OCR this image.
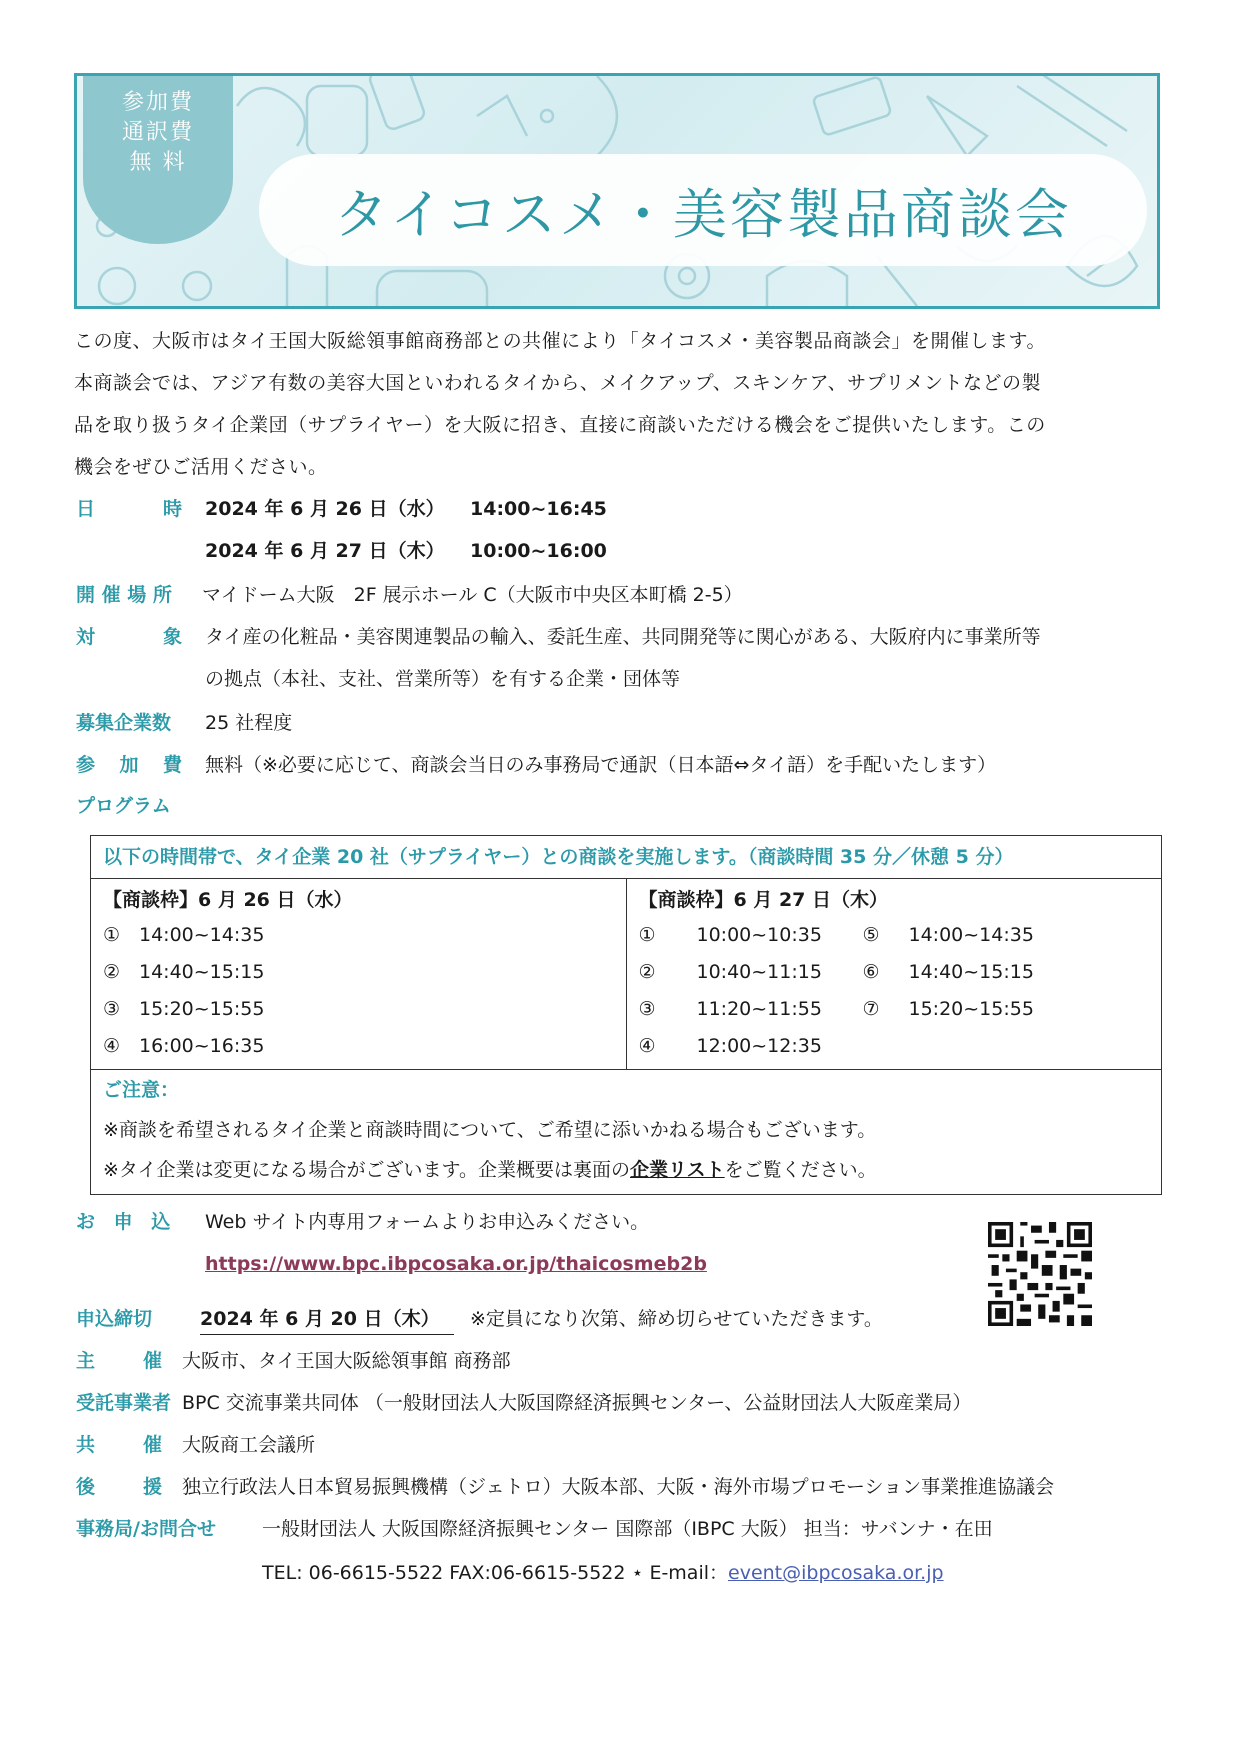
参加費
通訳費
無 料
タイコスメ・美容製品商談会
この度、大阪市はタイ王国大阪総領事館商務部との共催により「タイコスメ・美容製品商談会」を開催します。
本商談会では、アジア有数の美容大国といわれるタイから、メイクアップ、スキンケア、サプリメントなどの製
品を取り扱うタイ企業団（サプライヤー）を大阪に招き、直接に商談いただける機会をご提供いたします。この
機会をぜひご活用ください。
日	時 2024 年 6 月 26 日（水） 14:00~16:45
2024 年 6 月 27 日（木） 10:00~16:00
開 催 場 所 マイドーム大阪　2F 展示ホール C（大阪市中央区本町橋 2-5）
対	象 タイ産の化粧品・美容関連製品の輸入、委託生産、共同開発等に関心がある、大阪府内に事業所等
の拠点（本社、支社、営業所等）を有する企業・団体等
募集企業数 25 社程度
参 加 費 無料（※必要に応じて、商談会当日のみ事務局で通訳（日本語⇔タイ語）を手配いたします）
プログラム
以下の時間帯で、タイ企業 20 社（サプライヤー）との商談を実施します。（商談時間 35 分／休憩 5 分）

【商談枠】6 月 26 日（水）
① 14:00~14:35
② 14:40~15:15
③ 15:20~15:55
④ 16:00~16:35

【商談枠】6 月 27 日（木）
①	10:00~10:35	⑤	14:00~14:35
②	10:40~11:15	⑥	14:40~15:15
③	11:20~11:55	⑦	15:20~15:55
④	12:00~12:35

ご注意：
※商談を希望されるタイ企業と商談時間について、ご希望に添いかねる場合もございます。
※タイ企業は変更になる場合がございます。企業概要は裏面の企業リストをご覧ください。
お 申 込 Web サイト内専用フォームよりお申込みください。
https://www.bpc.ibpcosaka.or.jp/thaicosmeb2b
申込締切	2024 年 6 月 20 日（木）	※定員になり次第、締め切らせていただきます。
主	催 大阪市、タイ王国大阪総領事館 商務部
受託事業者 BPC 交流事業共同体 （一般財団法人大阪国際経済振興センター、公益財団法人大阪産業局）
共	催 大阪商工会議所
後	援 独立行政法人日本貿易振興機構（ジェトロ）大阪本部、大阪・海外市場プロモーション事業推進協議会
事務局/お問合せ 一般財団法人 大阪国際経済振興センター 国際部（IBPC 大阪） 担当：サバンナ・在田
TEL: 06-6615-5522 FAX:06-6615-5522 ⋆ E-mail：event@ibpcosaka.or.jp
